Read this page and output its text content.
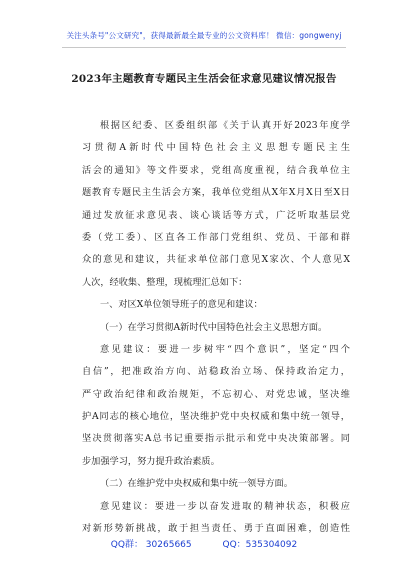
关注头条号"公文研究"，获得最新最全最专业的公文资料库！ 微信：gongwenyj
2023年主题教育专题民主生活会征求意见建议情况报告
根据区纪委、区委组织部《关于认真开好2023年度学
习贯彻A新时代中国特色社会主义思想专题民主生
活会的通知》等文件要求，党组高度重视，结合我单位主
题教育专题民主生活会方案，我单位党组从X年X月X日至X日
通过发放征求意见表、谈心谈话等方式，广泛听取基层党
委（党工委）、区直各工作部门党组织、党员、干部和群
众的意见和建议，共征求单位部门意见X家次、个人意见X
人次，经收集、整理，现梳理汇总如下：
一、对区X单位领导班子的意见和建议：
（一）在学习贯彻A新时代中国特色社会主义思想方面。
意见建议：要进一步树牢“四个意识”，坚定“四个
自信”，把准政治方向、站稳政治立场、保持政治定力，
严守政治纪律和政治规矩，不忘初心、对党忠诚，坚决维
护A同志的核心地位，坚决维护党中央权威和集中统一领导，
坚决贯彻落实A总书记重要指示批示和党中央决策部署。同
步加强学习，努力提升政治素质。
（二）在维护党中央权威和集中统一领导方面。
意见建议：要进一步以奋发进取的精神状态，积极应
对新形势新挑战，敢于担当责任、勇于直面困难，创造性
QQ群： 30265665	QQ：535304092
